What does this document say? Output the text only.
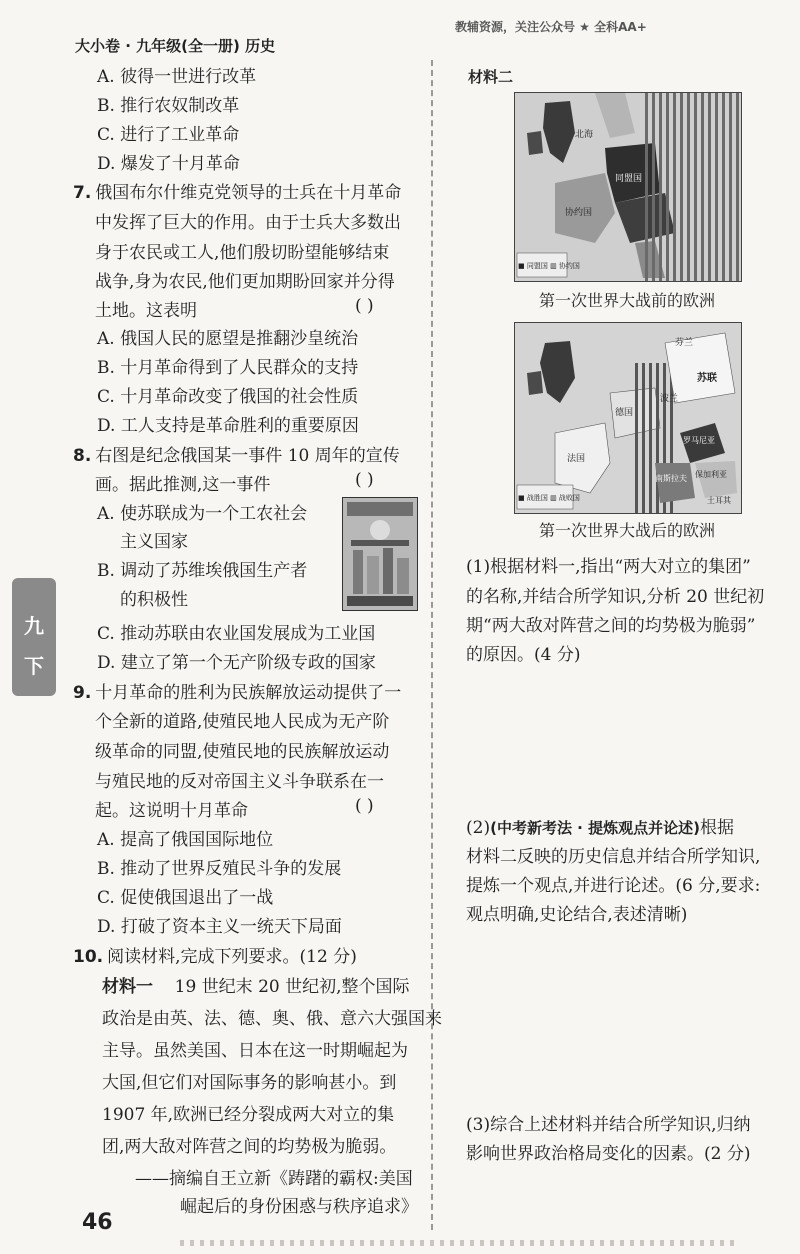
大小卷 · 九年级(全一册) 历史
教辅资源，关注公众号 ★ 全科AA+
九
下
A. 彼得一世进行改革
B. 推行农奴制改革
C. 进行了工业革命
D. 爆发了十月革命
7. 俄国布尔什维克党领导的士兵在十月革命
中发挥了巨大的作用。由于士兵大多数出
身于农民或工人,他们殷切盼望能够结束
战争,身为农民,他们更加期盼回家并分得
土地。这表明	( )
A. 俄国人民的愿望是推翻沙皇统治
B. 十月革命得到了人民群众的支持
C. 十月革命改变了俄国的社会性质
D. 工人支持是革命胜利的重要原因
8. 右图是纪念俄国某一事件 10 周年的宣传
画。据此推测,这一事件	( )
A. 使苏联成为一个工农社会
主义国家
B. 调动了苏维埃俄国生产者
的积极性
C. 推动苏联由农业国发展成为工业国
D. 建立了第一个无产阶级专政的国家
9. 十月革命的胜利为民族解放运动提供了一
个全新的道路,使殖民地人民成为无产阶
级革命的同盟,使殖民地的民族解放运动
与殖民地的反对帝国主义斗争联系在一
起。这说明十月革命	( )
A. 提高了俄国国际地位
B. 推动了世界反殖民斗争的发展
C. 促使俄国退出了一战
D. 打破了资本主义一统天下局面
10. 阅读材料,完成下列要求。(12 分)
材料一 19 世纪末 20 世纪初,整个国际
政治是由英、法、德、奥、俄、意六大强国来
主导。虽然美国、日本在这一时期崛起为
大国,但它们对国际事务的影响甚小。到
1907 年,欧洲已经分裂成两大对立的集
团,两大敌对阵营之间的均势极为脆弱。
——摘编自王立新《踌躇的霸权:美国
崛起后的身份困惑与秩序追求》
46
材料二
北海
同盟国
协约国
■ 同盟国 ▥ 协约国
第一次世界大战前的欧洲
芬兰
苏联
德国
波兰
法国
罗马尼亚
南斯拉夫 保加利亚
土耳其
■ 战胜国 ▥ 战败国
第一次世界大战后的欧洲
(1)根据材料一,指出“两大对立的集团”
的名称,并结合所学知识,分析 20 世纪初
期“两大敌对阵营之间的均势极为脆弱”
的原因。(4 分)
(2)(中考新考法 · 提炼观点并论述)根据
材料二反映的历史信息并结合所学知识,
提炼一个观点,并进行论述。(6 分,要求:
观点明确,史论结合,表述清晰)
(3)综合上述材料并结合所学知识,归纳
影响世界政治格局变化的因素。(2 分)
